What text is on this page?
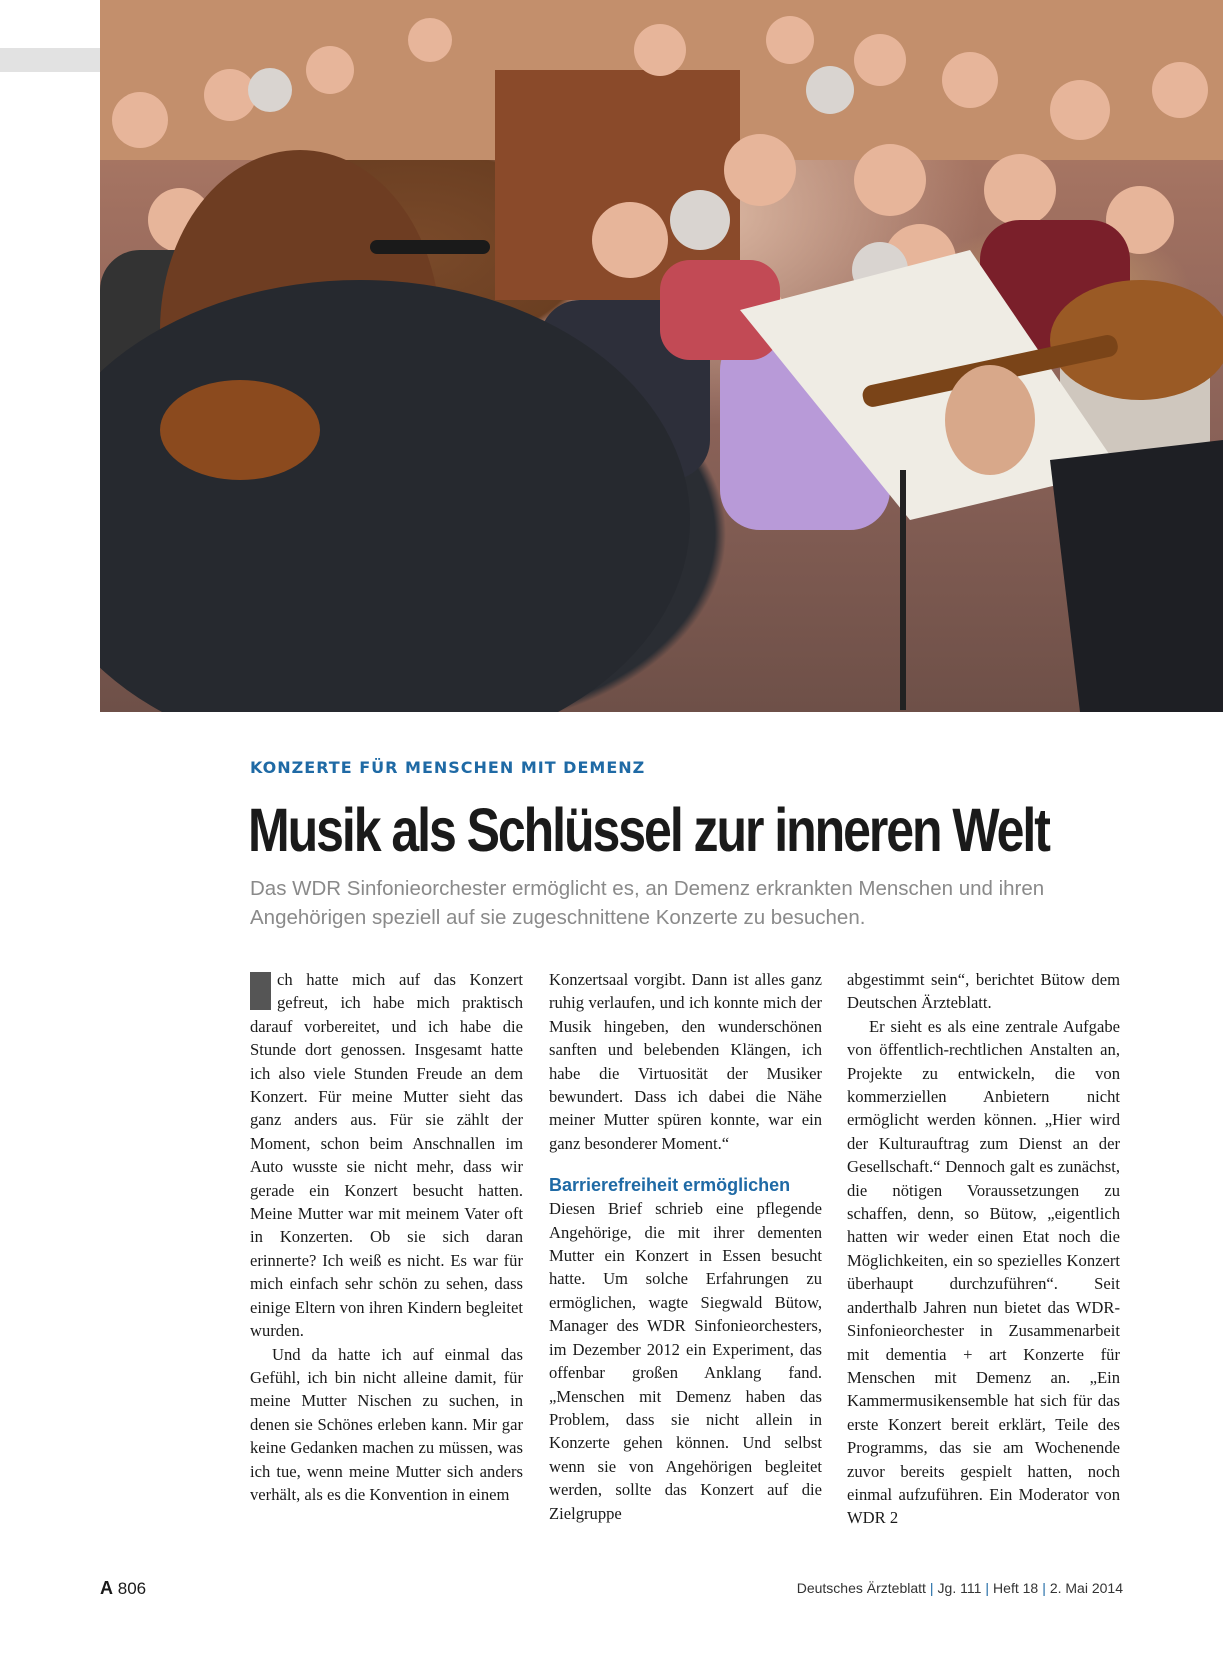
KONZERTE FÜR MENSCHEN MIT DEMENZ
Musik als Schlüssel zur inneren Welt
Das WDR Sinfonieorchester ermöglicht es, an Demenz erkrankten Menschen und ihren Angehörigen speziell auf sie zugeschnittene Konzerte zu besuchen.

ch hatte mich auf das Konzert gefreut, ich habe mich praktisch darauf vorbereitet, und ich habe die Stunde dort genossen. Insgesamt hatte ich also viele Stunden Freude an dem Konzert. Für meine Mutter sieht das ganz anders aus. Für sie zählt der Moment, schon beim Anschnallen im Auto wusste sie nicht mehr, dass wir gerade ein Konzert besucht hatten. Meine Mutter war mit meinem Vater oft in Konzerten. Ob sie sich daran erinnerte? Ich weiß es nicht. Es war für mich einfach sehr schön zu sehen, dass einige Eltern von ihren Kindern begleitet wurden.

Und da hatte ich auf einmal das Gefühl, ich bin nicht alleine damit, für meine Mutter Nischen zu suchen, in denen sie Schönes erleben kann. Mir gar keine Gedanken machen zu müssen, was ich tue, wenn meine Mutter sich anders verhält, als es die Konvention in einem

Konzertsaal vorgibt. Dann ist alles ganz ruhig verlaufen, und ich konnte mich der Musik hingeben, den wunderschönen sanften und belebenden Klängen, ich habe die Virtuosität der Musiker bewundert. Dass ich dabei die Nähe meiner Mutter spüren konnte, war ein ganz besonderer Moment.“

Barrierefreiheit ermöglichen

Diesen Brief schrieb eine pflegende Angehörige, die mit ihrer dementen Mutter ein Konzert in Essen besucht hatte. Um solche Erfahrungen zu ermöglichen, wagte Siegwald Bütow, Manager des WDR Sinfonieorchesters, im Dezember 2012 ein Experiment, das offenbar großen Anklang fand. „Menschen mit Demenz haben das Problem, dass sie nicht allein in Konzerte gehen können. Und selbst wenn sie von Angehörigen begleitet werden, sollte das Konzert auf die Zielgruppe

abgestimmt sein“, berichtet Bütow dem Deutschen Ärzteblatt.

Er sieht es als eine zentrale Aufgabe von öffentlich-rechtlichen Anstalten an, Projekte zu entwickeln, die von kommerziellen Anbietern nicht ermöglicht werden können. „Hier wird der Kulturauftrag zum Dienst an der Gesellschaft.“ Dennoch galt es zunächst, die nötigen Voraussetzungen zu schaffen, denn, so Bütow, „eigentlich hatten wir weder einen Etat noch die Möglichkeiten, ein so spezielles Konzert überhaupt durchzuführen“. Seit anderthalb Jahren nun bietet das WDR-Sinfonieorchester in Zusammenarbeit mit dementia + art Konzerte für Menschen mit Demenz an. „Ein Kammermusikensemble hat sich für das erste Konzert bereit erklärt, Teile des Programms, das sie am Wochenende zuvor bereits gespielt hatten, noch einmal aufzuführen. Ein Moderator von WDR 2

A 806	Deutsches Ärzteblatt | Jg. 111 | Heft 18 | 2. Mai 2014
